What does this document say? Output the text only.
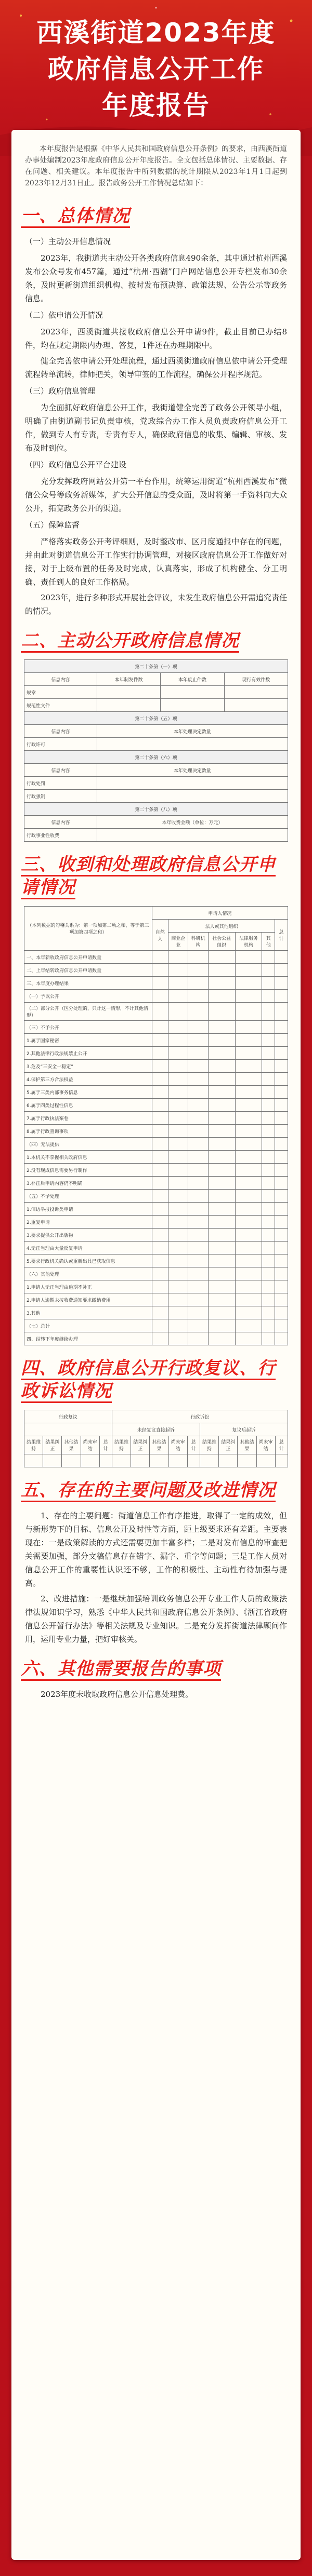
西溪街道2023年度
政府信息公开工作
年度报告
本年度报告是根据《中华人民共和国政府信息公开条例》的要求，由西溪街道办事处编制2023年度政府信息公开年度报告。全文包括总体情况、主要数据、存在问题、相关建议。本年度报告中所列数据的统计期限从2023年1月1日起到2023年12月31日止。报告政务公开工作情况总结如下：
一、总体情况
（一）主动公开信息情况
2023年，我街道共主动公开各类政府信息490余条，其中通过杭州西溪发布公众号发布457篇，通过“杭州·西湖”门户网站信息公开专栏发布30余条，及时更新街道组织机构、按时发布预决算、政策法规、公告公示等政务信息。
（二）依申请公开情况
2023年，西溪街道共接收政府信息公开申请9件，截止目前已办结8件，均在规定期限内办理、答复，1件还在办理期限中。
健全完善依申请公开处理流程，通过西溪街道政府信息依申请公开受理流程转单流转，律师把关，领导审签的工作流程，确保公开程序规范。
（三）政府信息管理
为全面抓好政府信息公开工作，我街道健全完善了政务公开领导小组，明确了由街道副书记负责审核，党政综合办工作人员负责政府信息公开工作，做到专人有专责，专责有专人，确保政府信息的收集、编辑、审核、发布及时到位。
（四）政府信息公开平台建设
充分发挥政府网站公开第一平台作用，统筹运用街道“杭州西溪发布”微信公众号等政务新媒体，扩大公开信息的受众面，及时将第一手资料向大众公开，拓宽政务公开的渠道。
（五）保障监督
严格落实政务公开考评细则，及时整改市、区月度通报中存在的问题，并由此对街道信息公开工作实行协调管理，对接区政府信息公开工作做好对接，对于上级布置的任务及时完成，认真落实，形成了机构健全、分工明确、责任到人的良好工作格局。
2023年，进行多种形式开展社会评议，未发生政府信息公开需追究责任的情况。
二、主动公开政府信息情况
第二十条第（一）项			
信息内容	本年制发件数	本年废止件数	现行有效件数
规章			
规范性文件			
第二十条第（五）项			
信息内容	本年处理决定数量		
行政许可			
第二十条第（六）项			
信息内容	本年处理决定数量		
行政处罚			
行政强制			
第二十条第（八）项			
信息内容	本年收费金额（单位：万元）		
行政事业性收费			
三、收到和处理政府信息公开申请情况
（本列数据的勾稽关系为：第一项加第二项之和，等于第三项加第四项之和）	申请人情况						
	自然人	法人或其他组织					总计
		商业企业	科研机构	社会公益组织	法律服务机构	其他	
一、本年新收政府信息公开申请数量							
二、上年结转政府信息公开申请数量							
三、本年度办理结果							
（一）予以公开							
（二）部分公开（区分处理的，只计这一情形，不计其他情形）							
（三）不予公开							
1.属于国家秘密							
2.其他法律行政法规禁止公开							
3.危及“三安全一稳定”							
4.保护第三方合法权益							
5.属于三类内部事务信息							
6.属于四类过程性信息							
7.属于行政执法案卷							
8.属于行政查询事项							
（四）无法提供							
1.本机关不掌握相关政府信息							
2.没有现成信息需要另行制作							
3.补正后申请内容仍不明确							
（五）不予处理							
1.信访举报投诉类申请							
2.重复申请							
3.要求提供公开出版物							
4.无正当理由大量反复申请							
5.要求行政机关确认或重新出具已获取信息							
（六）其他处理							
1.申请人无正当理由逾期不补正							
2.申请人逾期未按收费通知要求缴纳费用							
3.其他							
（七）总计							
四、结转下年度继续办理							
四、政府信息公开行政复议、行政诉讼情况
行政复议					行政诉讼									
					未经复议直接起诉					复议后起诉				
结果维持	结果纠正	其他结果	尚未审结	总计	结果维持	结果纠正	其他结果	尚未审结	总计	结果维持	结果纠正	其他结果	尚未审结	总计

五、存在的主要问题及改进情况
1、存在的主要问题：街道信息工作有序推进，取得了一定的成效，但与新形势下的目标、信息公开及时性等方面，距上级要求还有差距。主要表现在：一是政策解读的方式还需要更加丰富多样；二是对发布信息的审查把关需要加强，部分文稿信息存在错字、漏字、重字等问题；三是工作人员对信息公开工作的重要性认识还不够，工作的积极性、主动性有待加强与提高。
2、改进措施：一是继续加强培训政务信息公开专业工作人员的政策法律法规知识学习，熟悉《中华人民共和国政府信息公开条例》、《浙江省政府信息公开暂行办法》等相关法规及专业知识。二是充分发挥街道法律顾问作用，运用专业力量，把好审核关。
六、其他需要报告的事项
2023年度未收取政府信息公开信息处理费。
